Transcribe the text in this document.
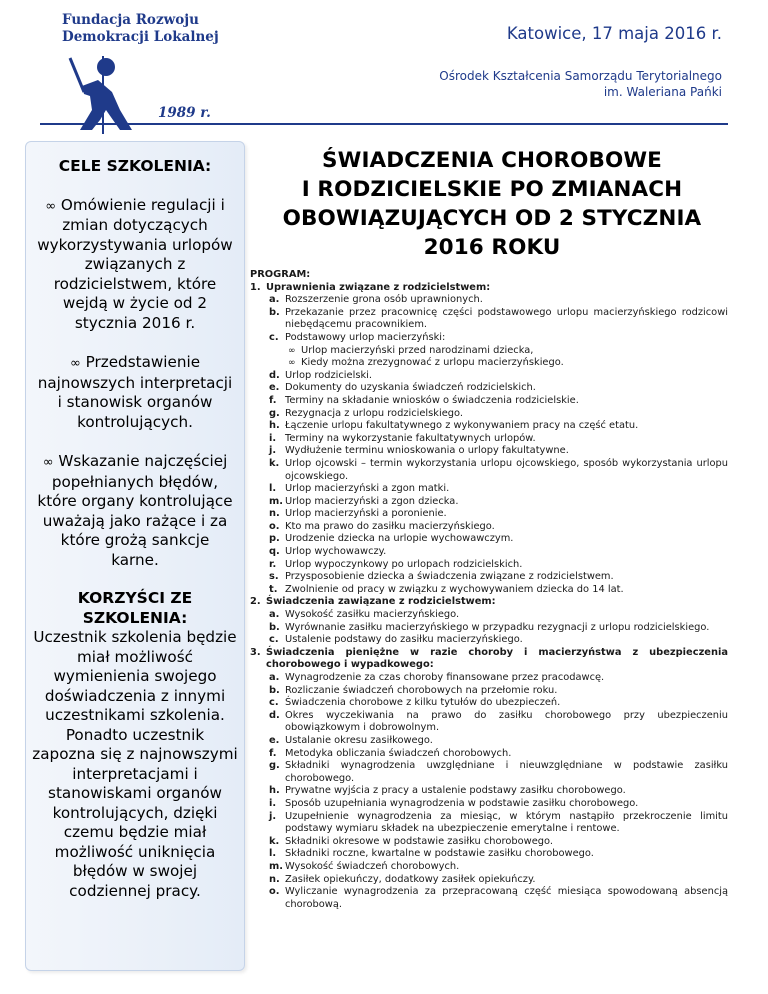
Fundacja Rozwoju
Demokracji Lokalnej
1989 r.
Katowice, 17 maja 2016 r.
Ośrodek Kształcenia Samorządu Terytorialnego
im. Waleriana Pańki
CELE SZKOLENIA:
∞ Omówienie regulacji i zmian dotyczących wykorzystywania urlopów związanych z rodzicielstwem, które wejdą w życie od 2 stycznia 2016 r.
∞ Przedstawienie najnowszych interpretacji i stanowisk organów kontrolujących.
∞ Wskazanie najczęściej popełnianych błędów, które organy kontrolujące uważają jako rażące i za które grożą sankcje karne.
KORZYŚCI ZE SZKOLENIA:
Uczestnik szkolenia będzie miał możliwość wymienienia swojego doświadczenia z innymi uczestnikami szkolenia. Ponadto uczestnik zapozna się z najnowszymi interpretacjami i stanowiskami organów kontrolujących, dzięki czemu będzie miał możliwość uniknięcia błędów w swojej codziennej pracy.
ŚWIADCZENIA CHOROBOWE
I RODZICIELSKIE PO ZMIANACH
OBOWIĄZUJĄCYCH OD 2 STYCZNIA
2016 ROKU
PROGRAM:
1. Uprawnienia związane z rodzicielstwem:
a. Rozszerzenie grona osób uprawnionych.
b. Przekazanie przez pracownicę części podstawowego urlopu macierzyńskiego rodzicowi niebędącemu pracownikiem.
c. Podstawowy urlop macierzyński:
∞ Urlop macierzyński przed narodzinami dziecka,
∞ Kiedy można zrezygnować z urlopu macierzyńskiego.
d. Urlop rodzicielski.
e. Dokumenty do uzyskania świadczeń rodzicielskich.
f. Terminy na składanie wniosków o świadczenia rodzicielskie.
g. Rezygnacja z urlopu rodzicielskiego.
h. Łączenie urlopu fakultatywnego z wykonywaniem pracy na część etatu.
i. Terminy na wykorzystanie fakultatywnych urlopów.
j. Wydłużenie terminu wnioskowania o urlopy fakultatywne.
k. Urlop ojcowski – termin wykorzystania urlopu ojcowskiego, sposób wykorzystania urlopu ojcowskiego.
l. Urlop macierzyński a zgon matki.
m. Urlop macierzyński a zgon dziecka.
n. Urlop macierzyński a poronienie.
o. Kto ma prawo do zasiłku macierzyńskiego.
p. Urodzenie dziecka na urlopie wychowawczym.
q. Urlop wychowawczy.
r. Urlop wypoczynkowy po urlopach rodzicielskich.
s. Przysposobienie dziecka a świadczenia związane z rodzicielstwem.
t. Zwolnienie od pracy w związku z wychowywaniem dziecka do 14 lat.
2. Świadczenia zawiązane z rodzicielstwem:
a. Wysokość zasiłku macierzyńskiego.
b. Wyrównanie zasiłku macierzyńskiego w przypadku rezygnacji z urlopu rodzicielskiego.
c. Ustalenie podstawy do zasiłku macierzyńskiego.
3. Świadczenia pieniężne w razie choroby i macierzyństwa z ubezpieczenia chorobowego i wypadkowego:
a. Wynagrodzenie za czas choroby finansowane przez pracodawcę.
b. Rozliczanie świadczeń chorobowych na przełomie roku.
c. Świadczenia chorobowe z kilku tytułów do ubezpieczeń.
d. Okres wyczekiwania na prawo do zasiłku chorobowego przy ubezpieczeniu obowiązkowym i dobrowolnym.
e. Ustalanie okresu zasiłkowego.
f. Metodyka obliczania świadczeń chorobowych.
g. Składniki wynagrodzenia uwzględniane i nieuwzględniane w podstawie zasiłku chorobowego.
h. Prywatne wyjścia z pracy a ustalenie podstawy zasiłku chorobowego.
i. Sposób uzupełniania wynagrodzenia w podstawie zasiłku chorobowego.
j. Uzupełnienie wynagrodzenia za miesiąc, w którym nastąpiło przekroczenie limitu podstawy wymiaru składek na ubezpieczenie emerytalne i rentowe.
k. Składniki okresowe w podstawie zasiłku chorobowego.
l. Składniki roczne, kwartalne w podstawie zasiłku chorobowego.
m. Wysokość świadczeń chorobowych.
n. Zasiłek opiekuńczy, dodatkowy zasiłek opiekuńczy.
o. Wyliczanie wynagrodzenia za przepracowaną część miesiąca spowodowaną absencją chorobową.
